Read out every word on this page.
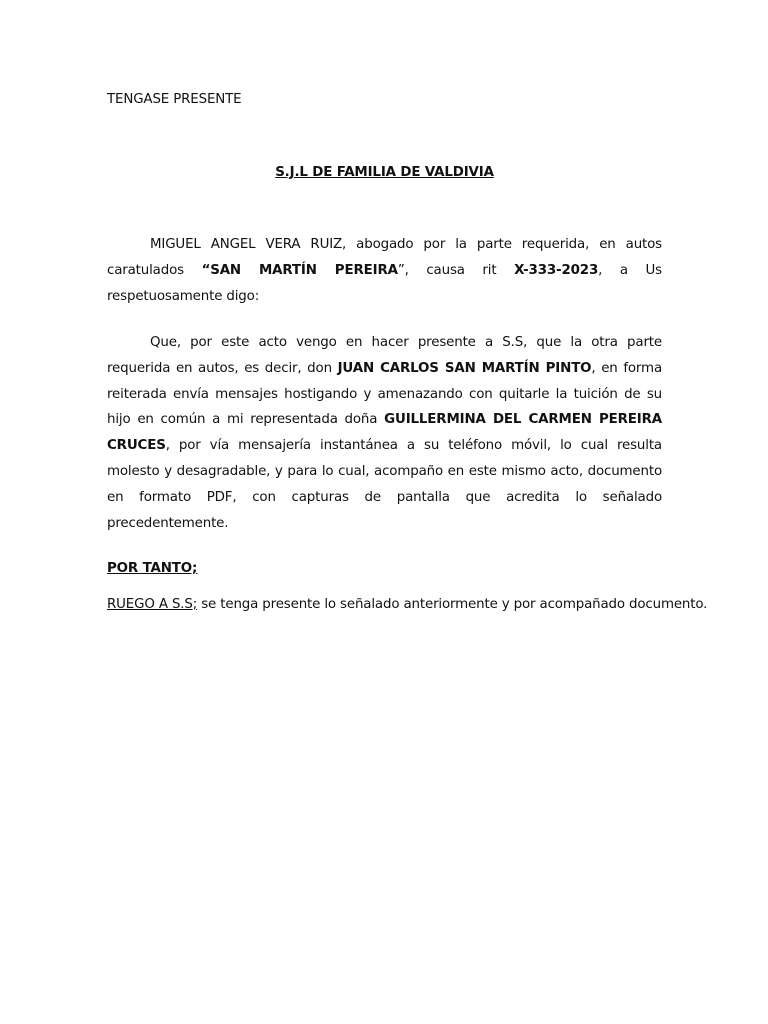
TENGASE PRESENTE
S.J.L DE FAMILIA DE VALDIVIA
MIGUEL ANGEL VERA RUIZ, abogado por la parte requerida, en autos caratulados “SAN MARTÍN PEREIRA”, causa rit X-333-2023, a Us respetuosamente digo:
Que, por este acto vengo en hacer presente a S.S, que la otra parte requerida en autos, es decir, don JUAN CARLOS SAN MARTÍN PINTO, en forma reiterada envía mensajes hostigando y amenazando con quitarle la tuición de su hijo en común a mi representada doña GUILLERMINA DEL CARMEN PEREIRA CRUCES, por vía mensajería instantánea a su teléfono móvil, lo cual resulta molesto y desagradable, y para lo cual, acompaño en este mismo acto, documento en formato PDF, con capturas de pantalla que acredita lo señalado precedentemente.
POR TANTO;
RUEGO A S.S; se tenga presente lo señalado anteriormente y por acompañado documento.
